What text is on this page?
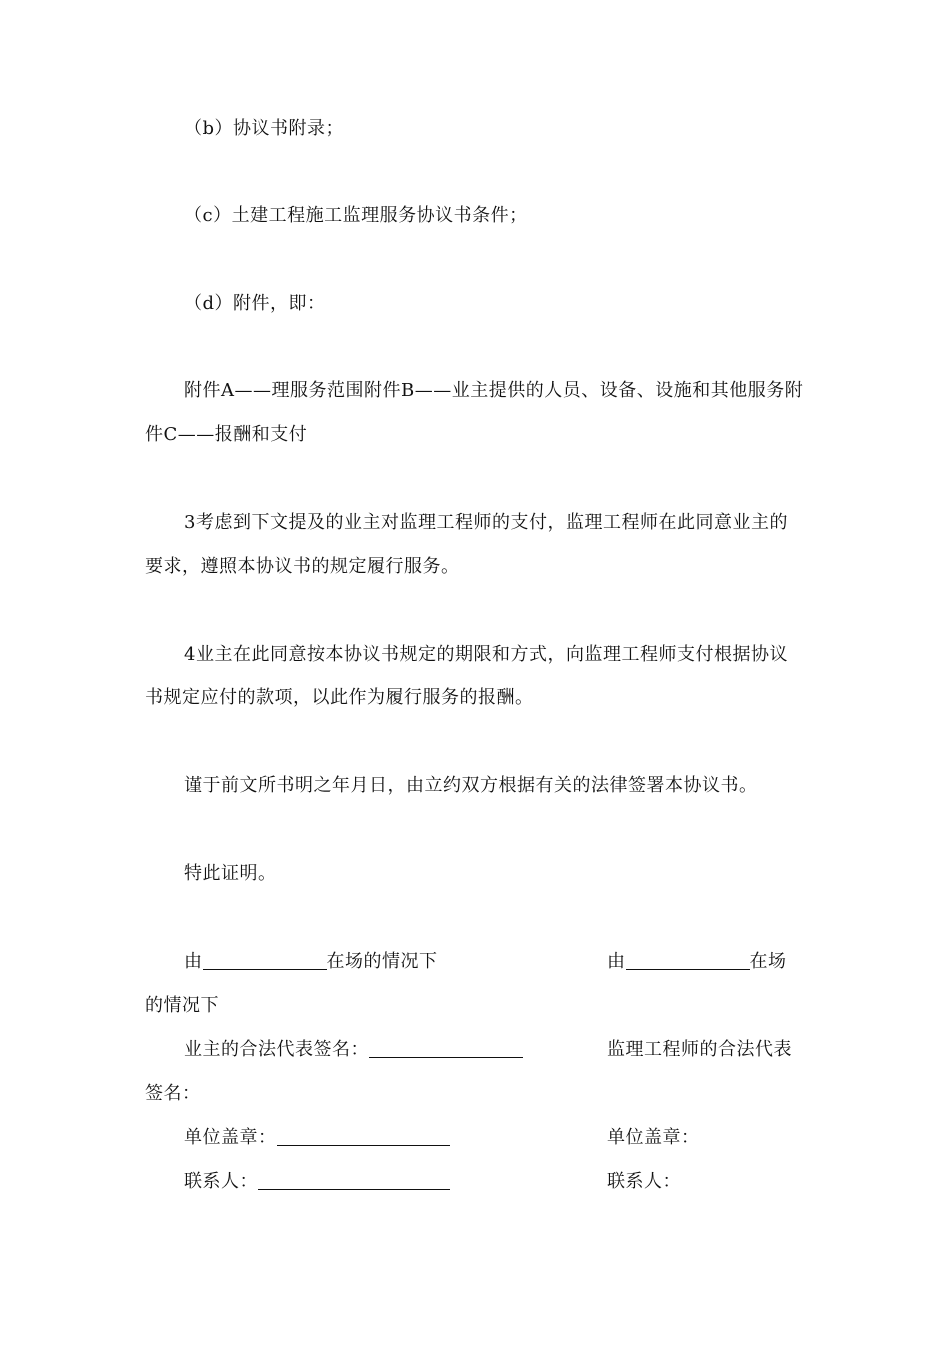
（b）协议书附录；
（c）土建工程施工监理服务协议书条件；
（d）附件，即：
附件A——理服务范围附件B——业主提供的人员、设备、设施和其他服务附
件C——报酬和支付
3考虑到下文提及的业主对监理工程师的支付，监理工程师在此同意业主的
要求，遵照本协议书的规定履行服务。
4业主在此同意按本协议书规定的期限和方式，向监理工程师支付根据协议
书规定应付的款项，以此作为履行服务的报酬。
谨于前文所书明之年月日，由立约双方根据有关的法律签署本协议书。
特此证明。
由	在场的情况下	由	在场
的情况下
业主的合法代表签名：	监理工程师的合法代表
签名：
单位盖章：	单位盖章：
联系人：	联系人：
